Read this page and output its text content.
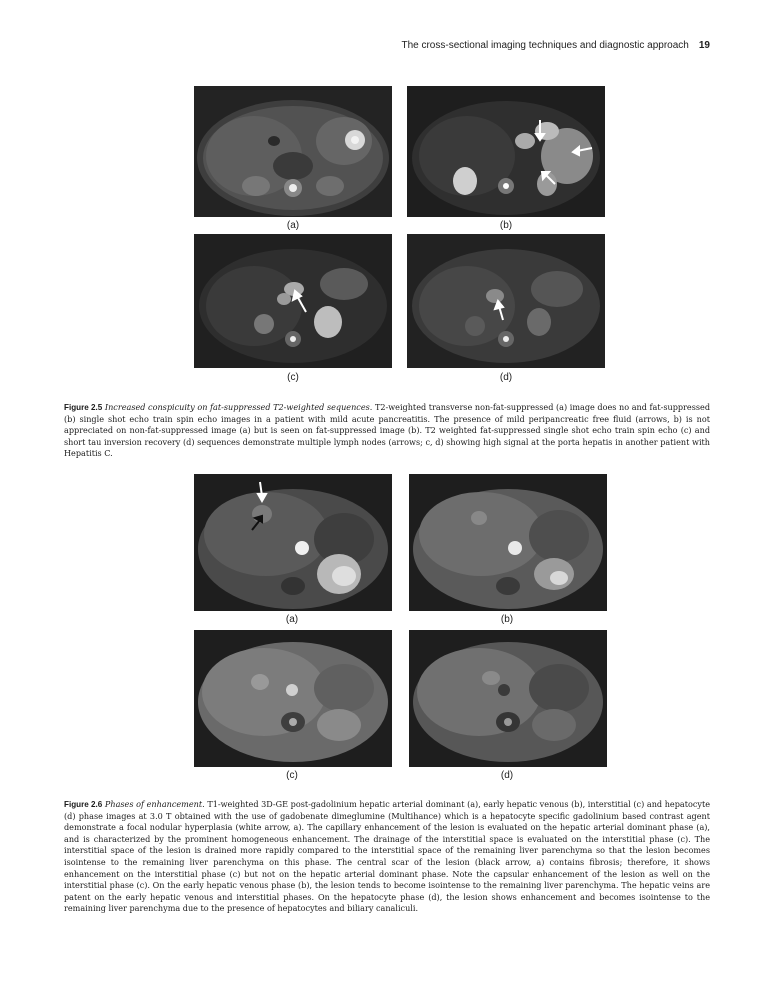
The cross-sectional imaging techniques and diagnostic approach 19
(a)	(b)
(c)	(d)
Figure 2.5 Increased conspicuity on fat-suppressed T2-weighted sequences. T2-weighted transverse non-fat-suppressed (a) image does no and fat-suppressed (b) single shot echo train spin echo images in a patient with mild acute pancreatitis. The presence of mild peripancreatic free fluid (arrows, b) is not appreciated on non-fat-suppressed image (a) but is seen on fat-suppressed image (b). T2 weighted fat-suppressed single shot echo train spin echo (c) and short tau inversion recovery (d) sequences demonstrate multiple lymph nodes (arrows; c, d) showing high signal at the porta hepatis in another patient with Hepatitis C.
(a)	(b)
(c)	(d)
Figure 2.6 Phases of enhancement. T1-weighted 3D-GE post-gadolinium hepatic arterial dominant (a), early hepatic venous (b), interstitial (c) and hepatocyte (d) phase images at 3.0 T obtained with the use of gadobenate dimeglumine (Multihance) which is a hepatocyte specific gadolinium based contrast agent demonstrate a focal nodular hyperplasia (white arrow, a). The capillary enhancement of the lesion is evaluated on the hepatic arterial dominant phase (a), and is characterized by the prominent homogeneous enhancement. The drainage of the interstitial space is evaluated on the interstitial phase (c). The interstitial space of the lesion is drained more rapidly compared to the interstitial space of the remaining liver parenchyma so that the lesion becomes isointense to the remaining liver parenchyma on this phase. The central scar of the lesion (black arrow, a) contains fibrosis; therefore, it shows enhancement on the interstitial phase (c) but not on the hepatic arterial dominant phase. Note the capsular enhancement of the lesion as well on the interstitial phase (c). On the early hepatic venous phase (b), the lesion tends to become isointense to the remaining liver parenchyma. The hepatic veins are patent on the early hepatic venous and interstitial phases. On the hepatocyte phase (d), the lesion shows enhancement and becomes isointense to the remaining liver parenchyma due to the presence of hepatocytes and biliary canaliculi.
